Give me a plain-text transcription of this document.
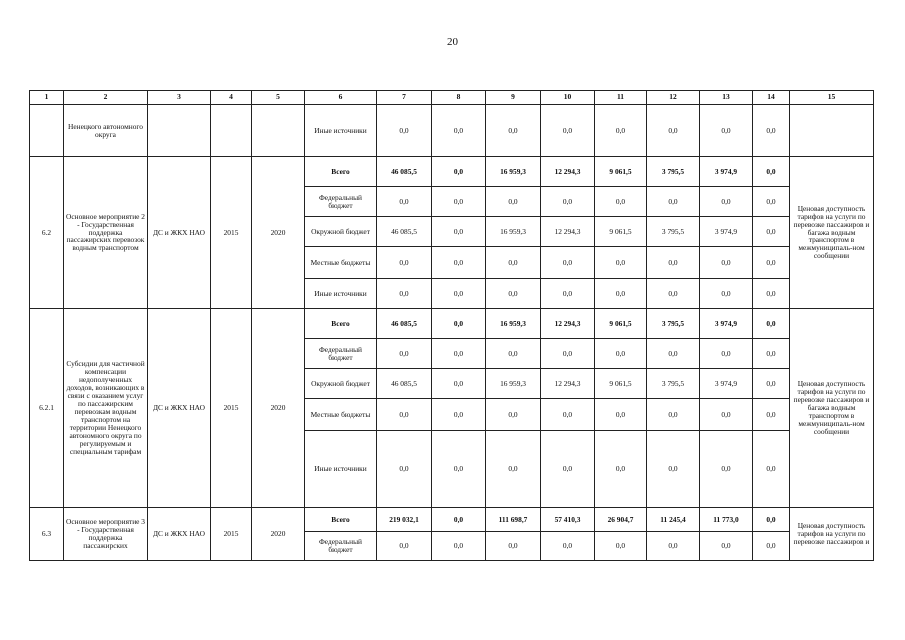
20
1	2	3	4	5	6	7	8	9	10	11	12	13	14	15
	Ненецкого автономного округа				Иные источники	0,0	0,0	0,0	0,0	0,0	0,0	0,0	0,0	
6.2	Основное мероприятие 2 - Государственная поддержка пассажирских перевозок водным транспортом	ДС и ЖКХ НАО	2015	2020	Всего	46 085,5	0,0	16 959,3	12 294,3	9 061,5	3 795,5	3 974,9	0,0	Ценовая доступность тарифов на услуги по перевозке пассажиров и багажа водным транспортом в межмуниципаль-ном сообщении
					Федеральный бюджет	0,0	0,0	0,0	0,0	0,0	0,0	0,0	0,0	
					Окружной бюджет	46 085,5	0,0	16 959,3	12 294,3	9 061,5	3 795,5	3 974,9	0,0	
					Местные бюджеты	0,0	0,0	0,0	0,0	0,0	0,0	0,0	0,0	
					Иные источники	0,0	0,0	0,0	0,0	0,0	0,0	0,0	0,0	
6.2.1	Субсидии для частичной компенсации недополученных доходов, возникающих в связи с оказанием услуг по пассажирским перевозкам водным транспортом на территории Ненецкого автономного округа по регулируемым и специальным тарифам	ДС и ЖКХ НАО	2015	2020	Всего	46 085,5	0,0	16 959,3	12 294,3	9 061,5	3 795,5	3 974,9	0,0	Ценовая доступность тарифов на услуги по перевозке пассажиров и багажа водным транспортом в межмуниципаль-ном сообщении
					Федеральный бюджет	0,0	0,0	0,0	0,0	0,0	0,0	0,0	0,0	
					Окружной бюджет	46 085,5	0,0	16 959,3	12 294,3	9 061,5	3 795,5	3 974,9	0,0	
					Местные бюджеты	0,0	0,0	0,0	0,0	0,0	0,0	0,0	0,0	
					Иные источники	0,0	0,0	0,0	0,0	0,0	0,0	0,0	0,0	
6.3	Основное мероприятие 3 - Государственная поддержка пассажирских	ДС и ЖКХ НАО	2015	2020	Всего	219 032,1	0,0	111 698,7	57 410,3	26 904,7	11 245,4	11 773,0	0,0	Ценовая доступность тарифов на услуги по перевозке пассажиров и
					Федеральный бюджет	0,0	0,0	0,0	0,0	0,0	0,0	0,0	0,0	
